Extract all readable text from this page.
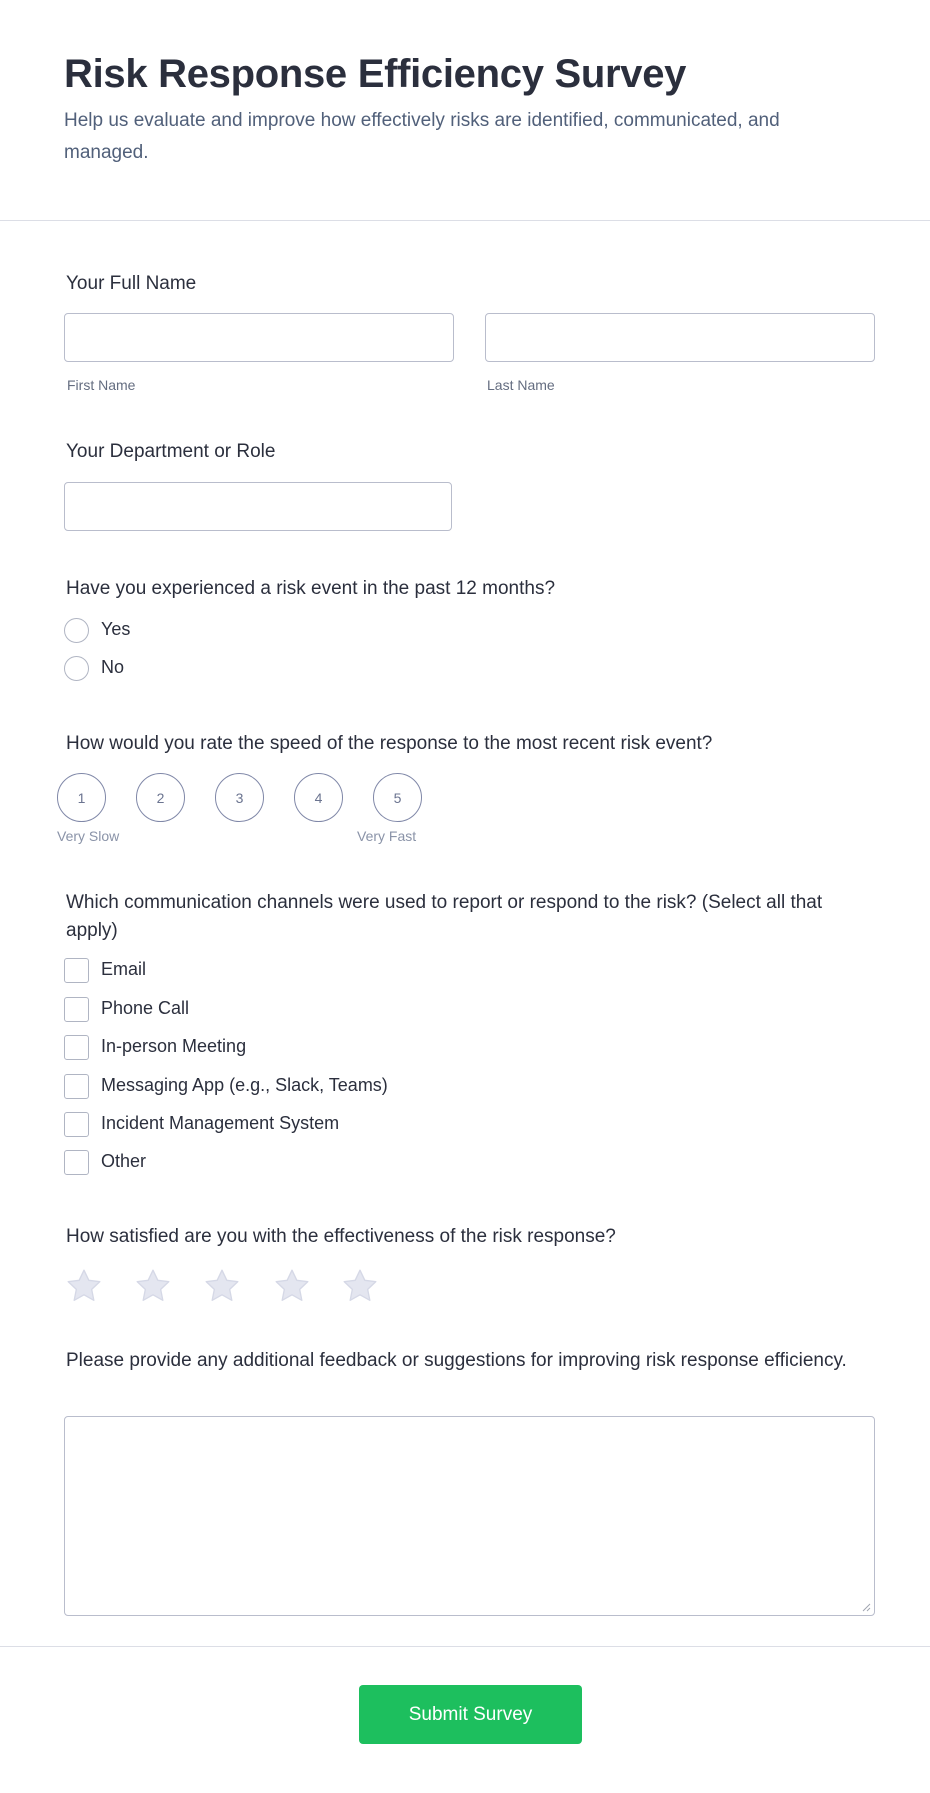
Risk Response Efficiency Survey
Help us evaluate and improve how effectively risks are identified, communicated, and managed.
Your Full Name
First Name	Last Name
Your Department or Role
Have you experienced a risk event in the past 12 months?
Yes
No
How would you rate the speed of the response to the most recent risk event?
1	2	3	4	5
Very Slow	Very Fast
Which communication channels were used to report or respond to the risk? (Select all that apply)
Email
Phone Call
In-person Meeting
Messaging App (e.g., Slack, Teams)
Incident Management System
Other
How satisfied are you with the effectiveness of the risk response?
Please provide any additional feedback or suggestions for improving risk response efficiency.
Submit Survey
